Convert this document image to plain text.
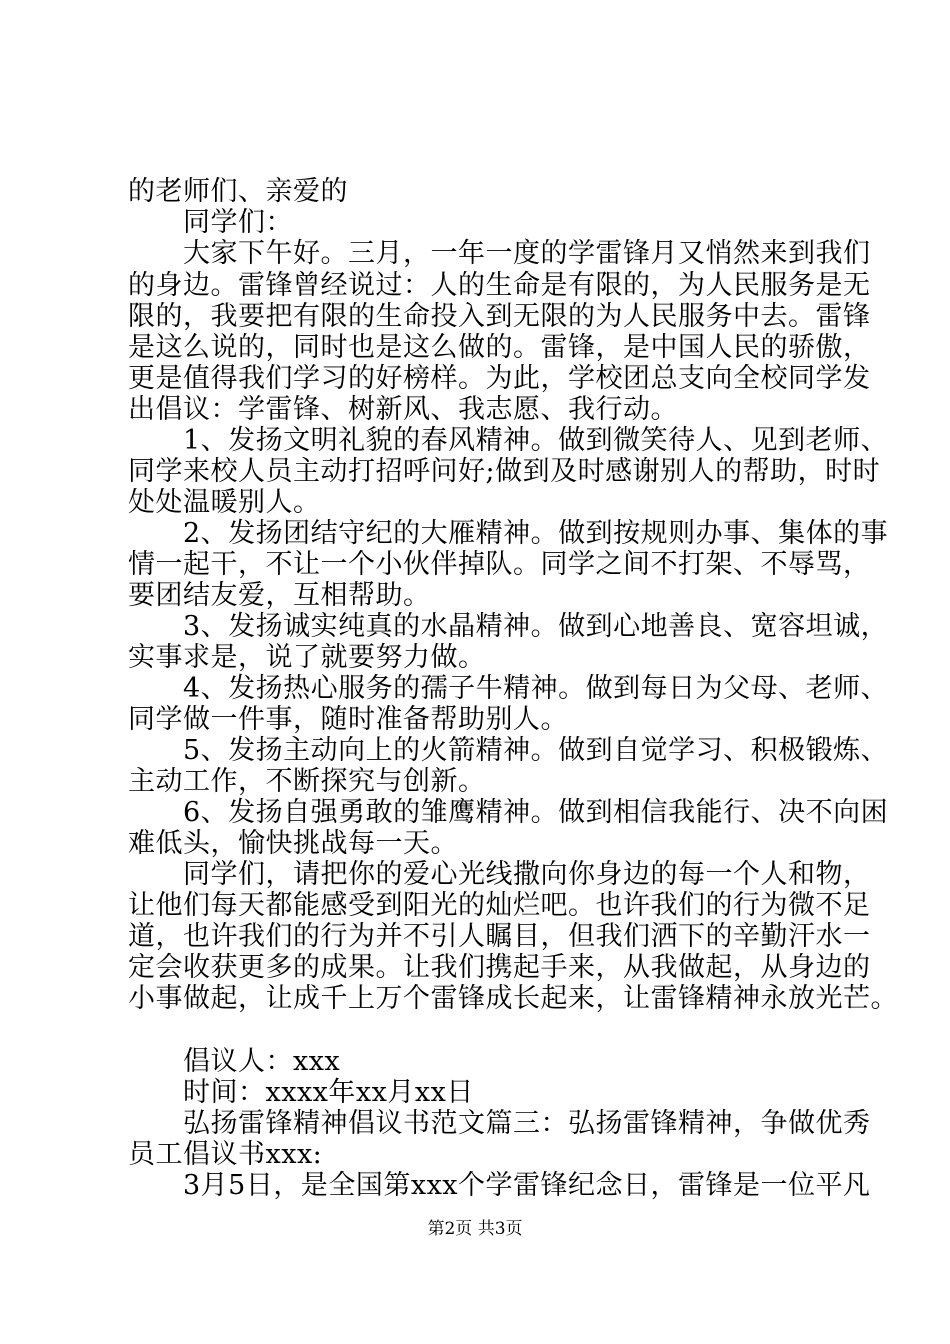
的老师们、亲爱的
　　同学们：
　　大家下午好。三月，一年一度的学雷锋月又悄然来到我们
的身边。雷锋曾经说过：人的生命是有限的，为人民服务是无
限的，我要把有限的生命投入到无限的为人民服务中去。雷锋
是这么说的，同时也是这么做的。雷锋，是中国人民的骄傲，
更是值得我们学习的好榜样。为此，学校团总支向全校同学发
出倡议：学雷锋、树新风、我志愿、我行动。
　　1、发扬文明礼貌的春风精神。做到微笑待人、见到老师、
同学来校人员主动打招呼问好;做到及时感谢别人的帮助，时时
处处温暖别人。
　　2、发扬团结守纪的大雁精神。做到按规则办事、集体的事
情一起干，不让一个小伙伴掉队。同学之间不打架、不辱骂，
要团结友爱，互相帮助。
　　3、发扬诚实纯真的水晶精神。做到心地善良、宽容坦诚，
实事求是，说了就要努力做。
　　4、发扬热心服务的孺子牛精神。做到每日为父母、老师、
同学做一件事，随时准备帮助别人。
　　5、发扬主动向上的火箭精神。做到自觉学习、积极锻炼、
主动工作，不断探究与创新。
　　6、发扬自强勇敢的雏鹰精神。做到相信我能行、决不向困
难低头，愉快挑战每一天。
　　同学们，请把你的爱心光线撒向你身边的每一个人和物，
让他们每天都能感受到阳光的灿烂吧。也许我们的行为微不足
道，也许我们的行为并不引人瞩目，但我们洒下的辛勤汗水一
定会收获更多的成果。让我们携起手来，从我做起，从身边的
小事做起，让成千上万个雷锋成长起来，让雷锋精神永放光芒。
　　倡议人：xxx
　　时间：xxxx年xx月xx日
　　弘扬雷锋精神倡议书范文篇三：弘扬雷锋精神，争做优秀
员工倡议书xxx:
　　3月5日，是全国第xxx个学雷锋纪念日，雷锋是一位平凡
第2页 共3页
